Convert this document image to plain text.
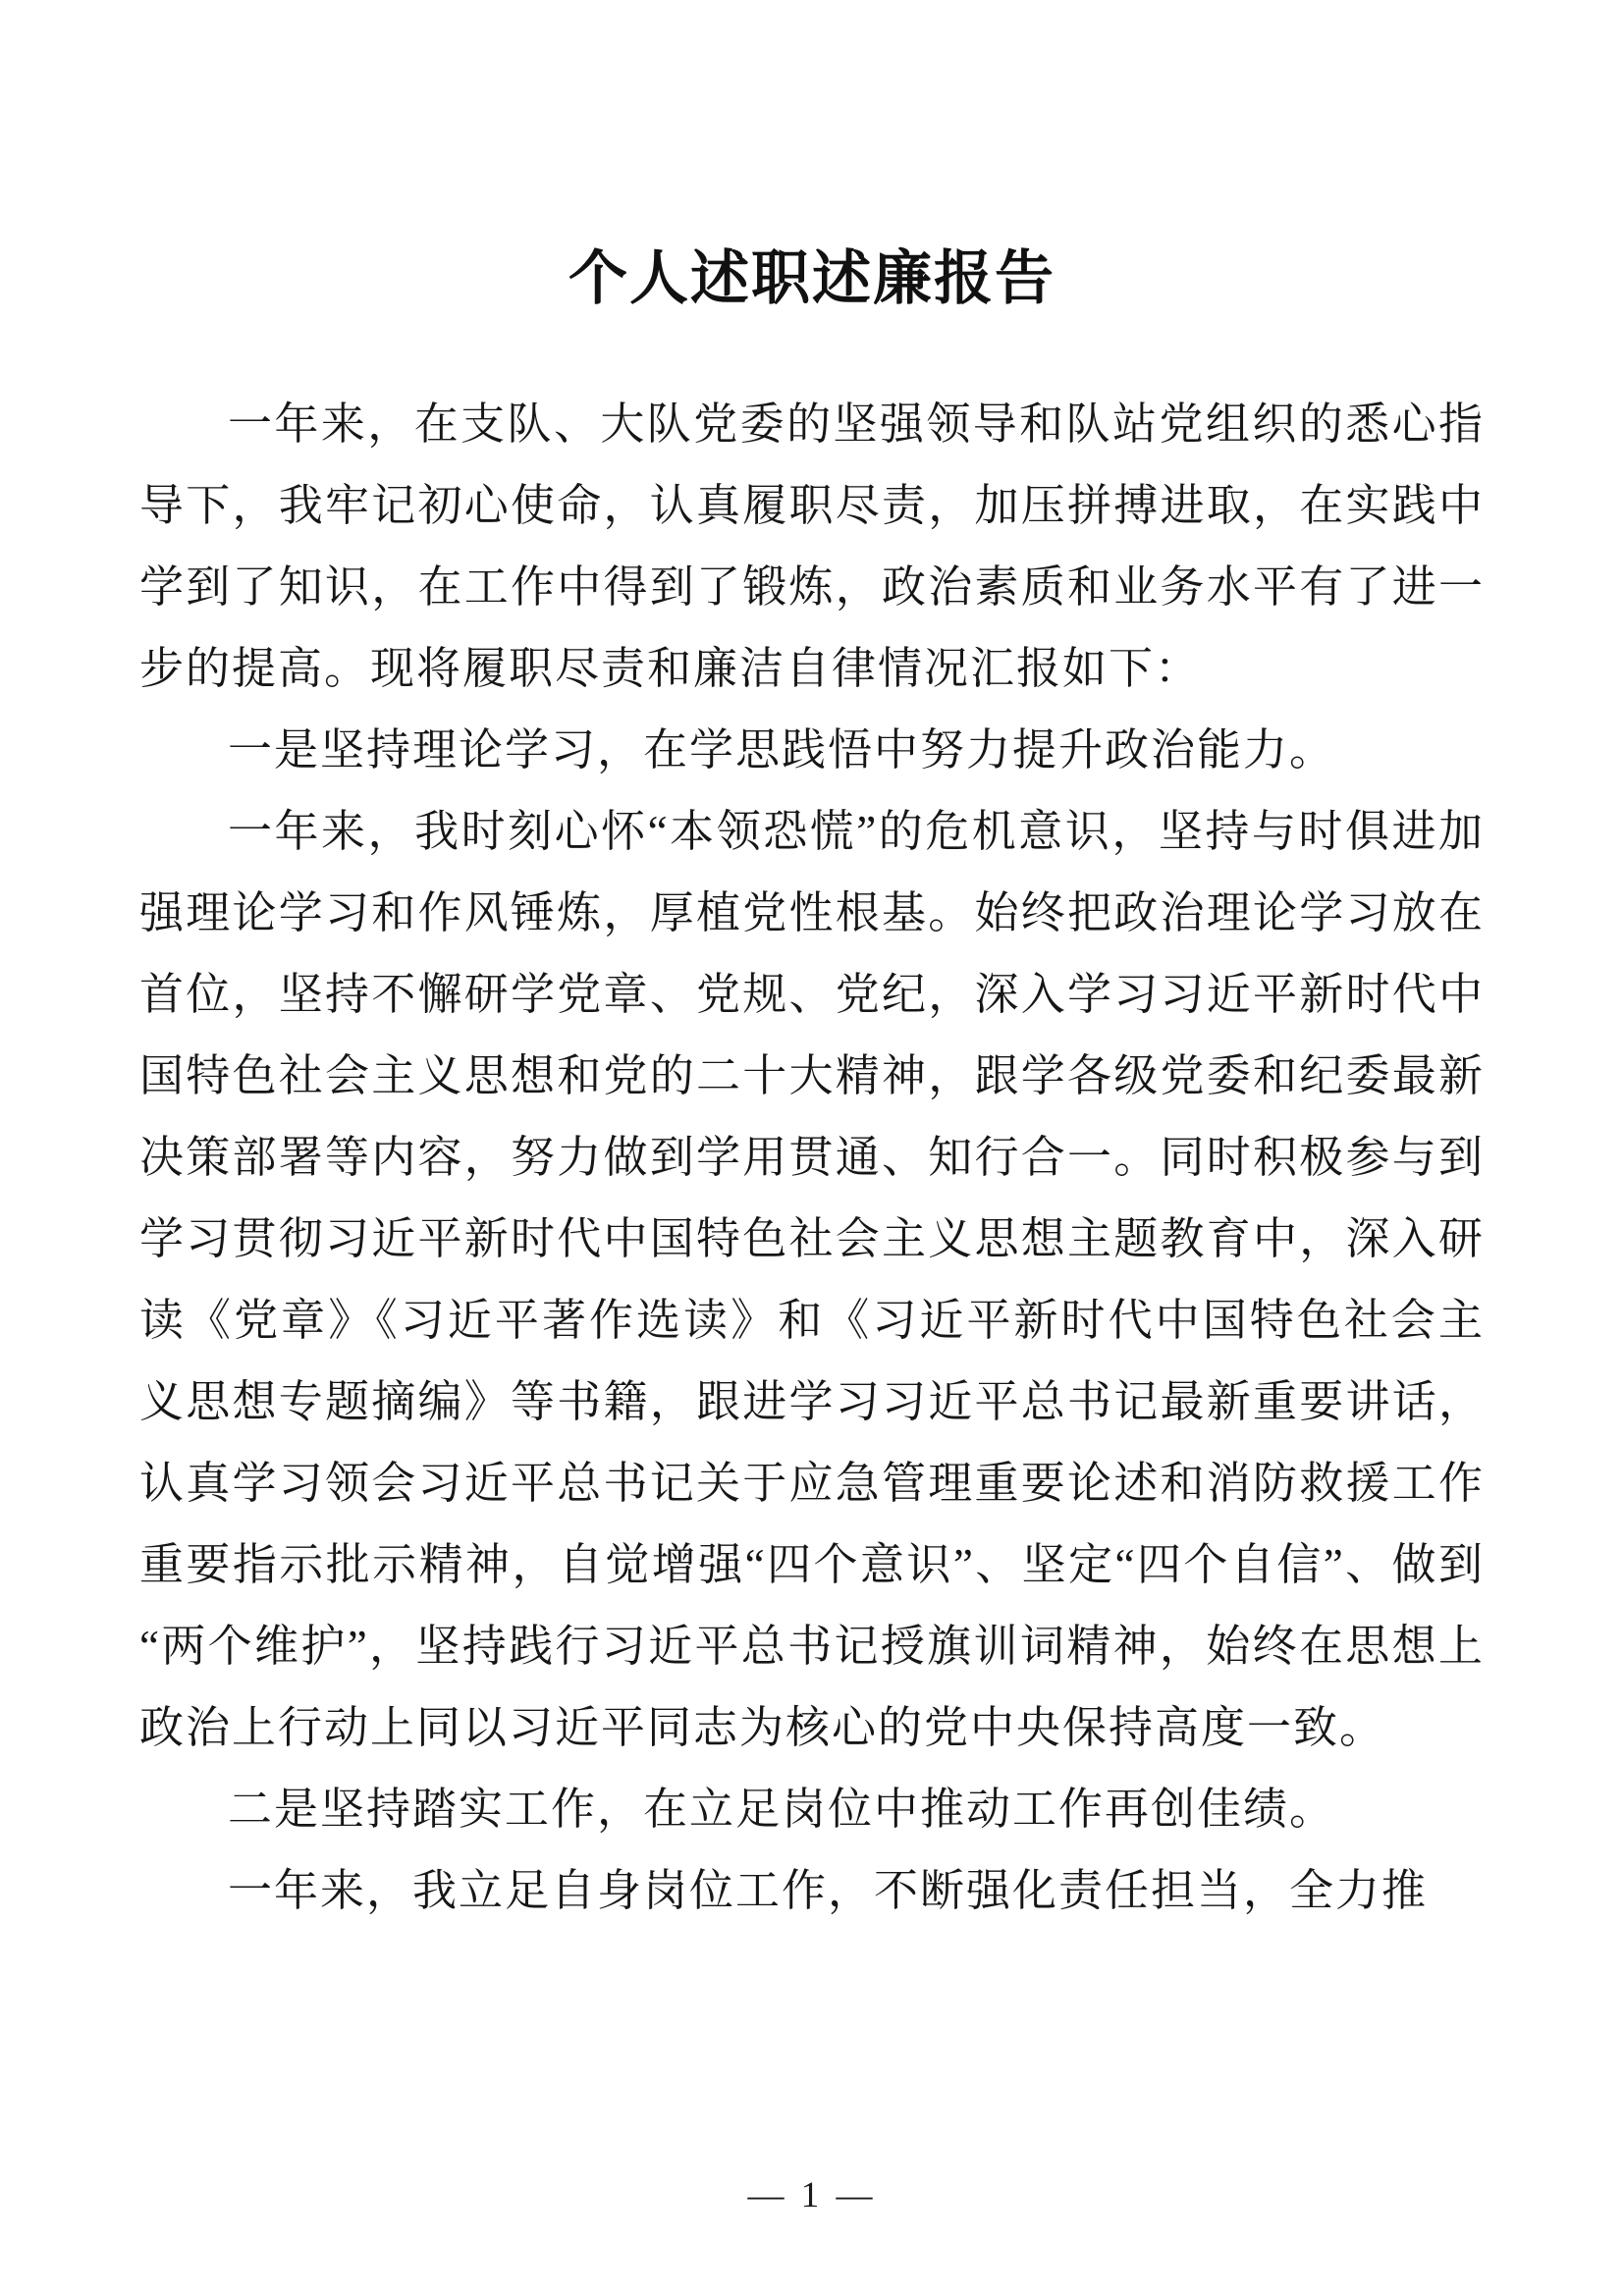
个人述职述廉报告

一年来，在支队、大队党委的坚强领导和队站党组织的悉心指导下，我牢记初心使命，认真履职尽责，加压拼搏进取，在实践中学到了知识，在工作中得到了锻炼，政治素质和业务水平有了进一步的提高。现将履职尽责和廉洁自律情况汇报如下：

一是坚持理论学习，在学思践悟中努力提升政治能力。

一年来，我时刻心怀“本领恐慌”的危机意识，坚持与时俱进加强理论学习和作风锤炼，厚植党性根基。始终把政治理论学习放在首位，坚持不懈研学党章、党规、党纪，深入学习习近平新时代中国特色社会主义思想和党的二十大精神，跟学各级党委和纪委最新决策部署等内容，努力做到学用贯通、知行合一。同时积极参与到学习贯彻习近平新时代中国特色社会主义思想主题教育中，深入研读《党章》《习近平著作选读》和《习近平新时代中国特色社会主义思想专题摘编》等书籍，跟进学习习近平总书记最新重要讲话，认真学习领会习近平总书记关于应急管理重要论述和消防救援工作重要指示批示精神，自觉增强“四个意识”、坚定“四个自信”、做到“两个维护”，坚持践行习近平总书记授旗训词精神，始终在思想上政治上行动上同以习近平同志为核心的党中央保持高度一致。

二是坚持踏实工作，在立足岗位中推动工作再创佳绩。

一年来，我立足自身岗位工作，不断强化责任担当，全力推

— 1 —
